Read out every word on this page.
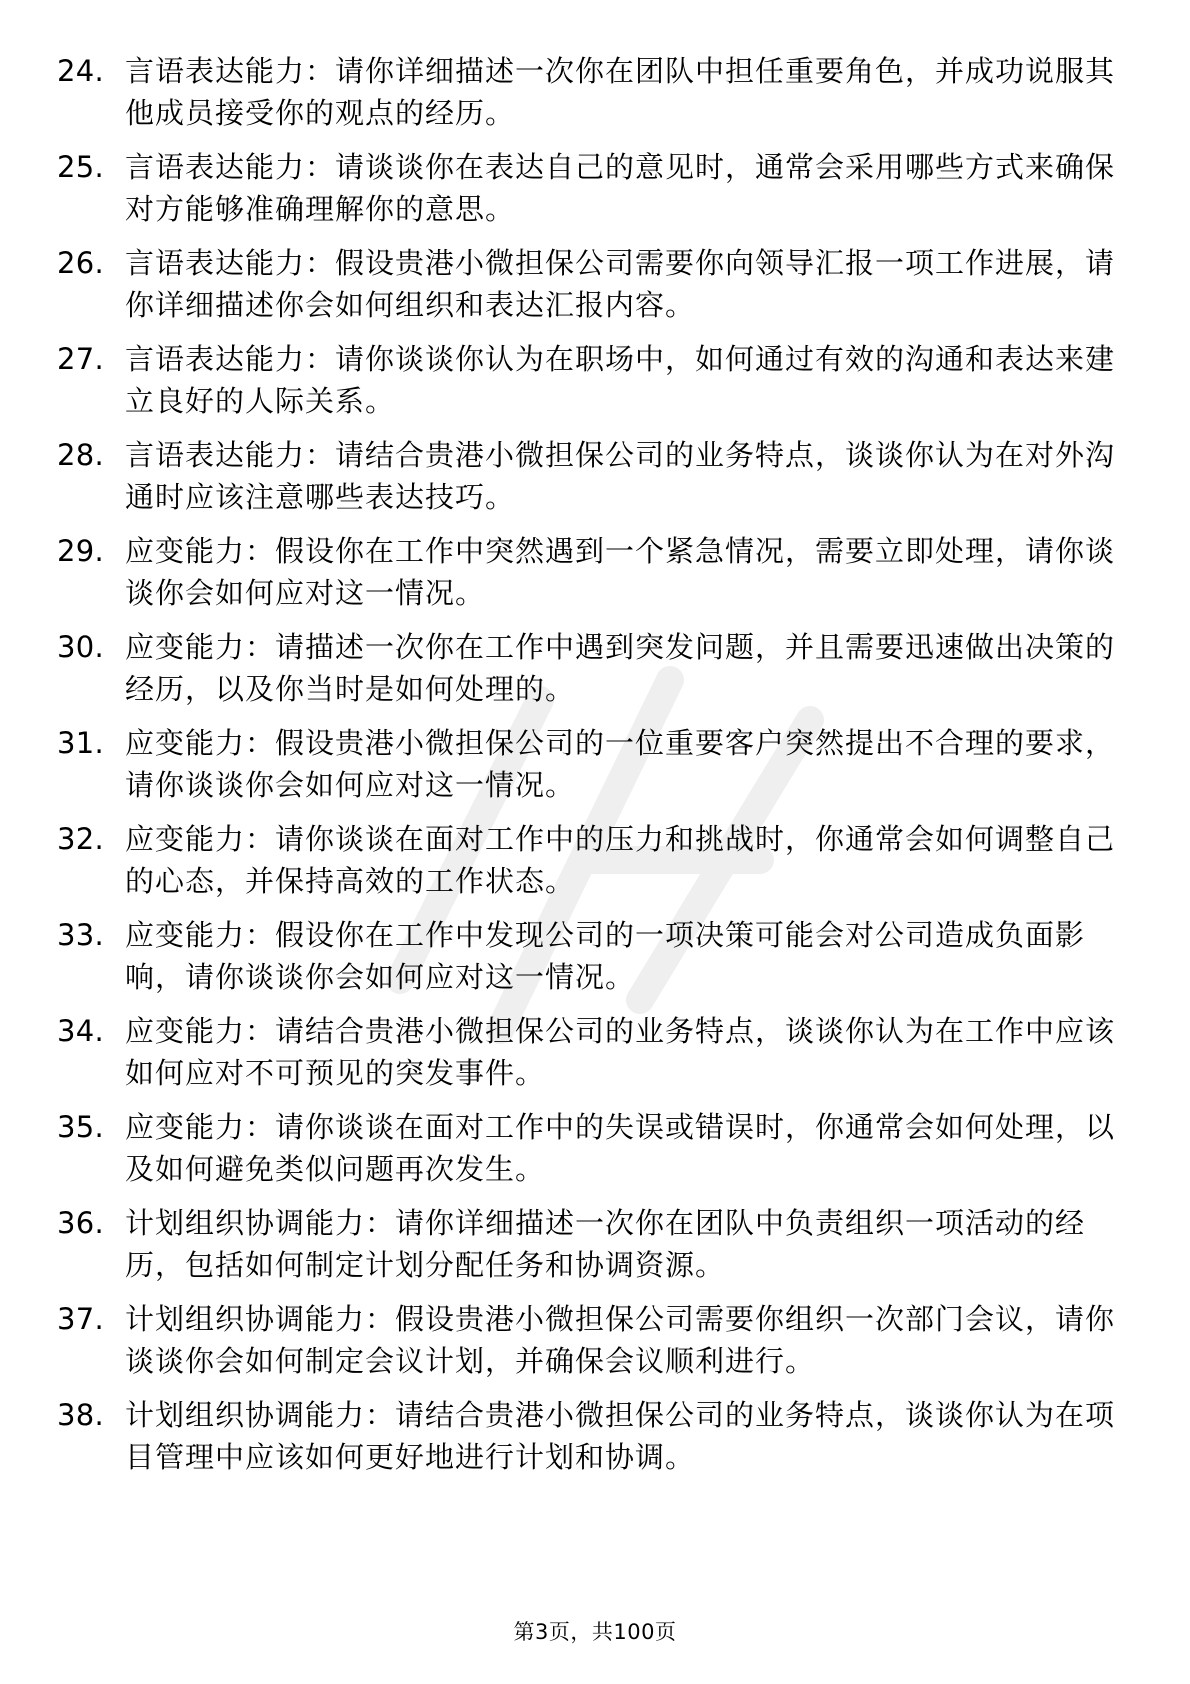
24. 言语表达能力：请你详细描述一次你在团队中担任重要角色，并成功说服其他成员接受你的观点的经历。
25. 言语表达能力：请谈谈你在表达自己的意见时，通常会采用哪些方式来确保对方能够准确理解你的意思。
26. 言语表达能力：假设贵港小微担保公司需要你向领导汇报一项工作进展，请你详细描述你会如何组织和表达汇报内容。
27. 言语表达能力：请你谈谈你认为在职场中，如何通过有效的沟通和表达来建立良好的人际关系。
28. 言语表达能力：请结合贵港小微担保公司的业务特点，谈谈你认为在对外沟通时应该注意哪些表达技巧。
29. 应变能力：假设你在工作中突然遇到一个紧急情况，需要立即处理，请你谈谈你会如何应对这一情况。
30. 应变能力：请描述一次你在工作中遇到突发问题，并且需要迅速做出决策的经历，以及你当时是如何处理的。
31. 应变能力：假设贵港小微担保公司的一位重要客户突然提出不合理的要求，请你谈谈你会如何应对这一情况。
32. 应变能力：请你谈谈在面对工作中的压力和挑战时，你通常会如何调整自己的心态，并保持高效的工作状态。
33. 应变能力：假设你在工作中发现公司的一项决策可能会对公司造成负面影响，请你谈谈你会如何应对这一情况。
34. 应变能力：请结合贵港小微担保公司的业务特点，谈谈你认为在工作中应该如何应对不可预见的突发事件。
35. 应变能力：请你谈谈在面对工作中的失误或错误时，你通常会如何处理，以及如何避免类似问题再次发生。
36. 计划组织协调能力：请你详细描述一次你在团队中负责组织一项活动的经历，包括如何制定计划分配任务和协调资源。
37. 计划组织协调能力：假设贵港小微担保公司需要你组织一次部门会议，请你谈谈你会如何制定会议计划，并确保会议顺利进行。
38. 计划组织协调能力：请结合贵港小微担保公司的业务特点，谈谈你认为在项目管理中应该如何更好地进行计划和协调。
第3页，共100页
